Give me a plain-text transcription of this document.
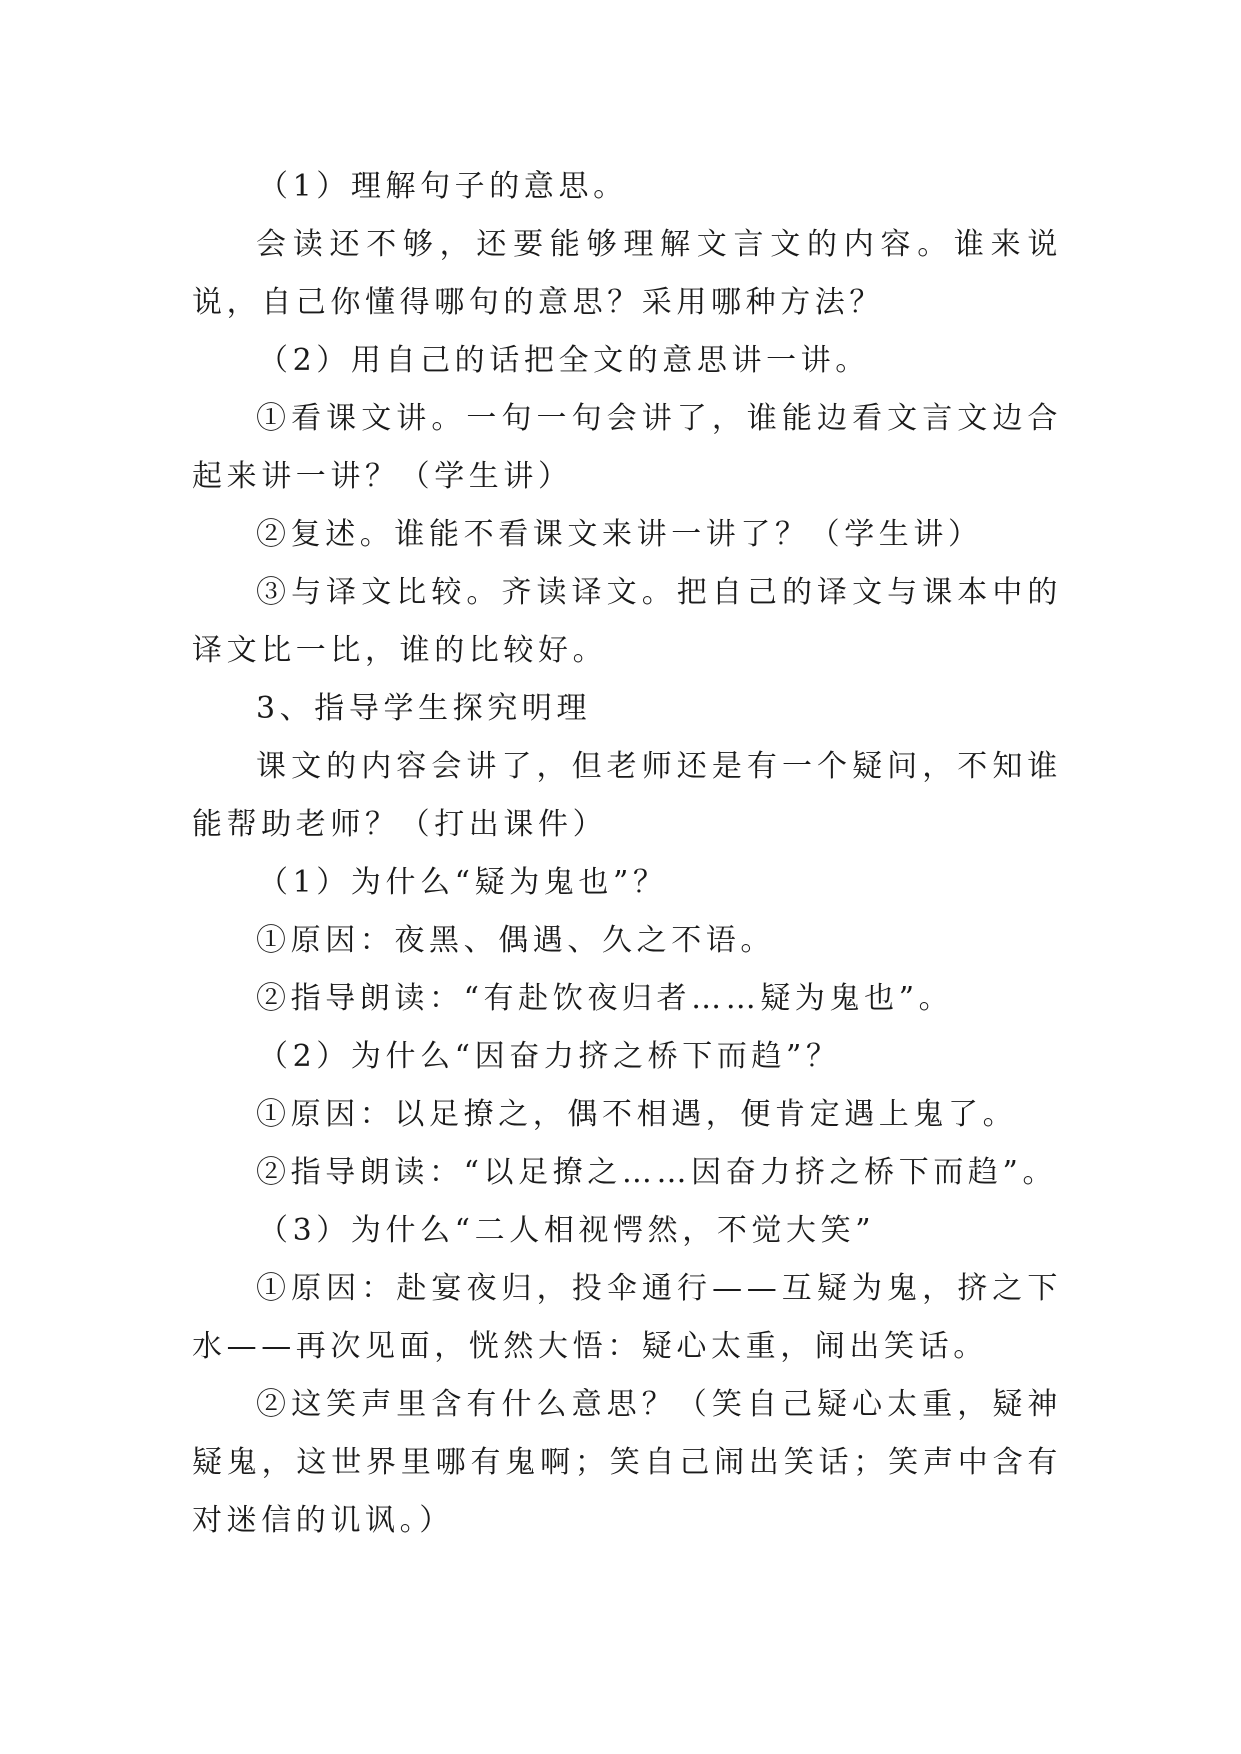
（1）理解句子的意思。

会读还不够，还要能够理解文言文的内容。谁来说说，自己你懂得哪句的意思？采用哪种方法？

（2）用自己的话把全文的意思讲一讲。

①看课文讲。一句一句会讲了，谁能边看文言文边合起来讲一讲？（学生讲）

②复述。谁能不看课文来讲一讲了？（学生讲）

③与译文比较。齐读译文。把自己的译文与课本中的译文比一比，谁的比较好。

3、指导学生探究明理

课文的内容会讲了，但老师还是有一个疑问，不知谁能帮助老师？（打出课件）

（1）为什么“疑为鬼也”？

①原因：夜黑、偶遇、久之不语。

②指导朗读：“有赴饮夜归者……疑为鬼也”。

（2）为什么“因奋力挤之桥下而趋”？

①原因：以足撩之，偶不相遇，便肯定遇上鬼了。

②指导朗读：“以足撩之……因奋力挤之桥下而趋”。

（3）为什么“二人相视愕然，不觉大笑”

①原因：赴宴夜归，投伞通行——互疑为鬼，挤之下水——再次见面，恍然大悟：疑心太重，闹出笑话。

②这笑声里含有什么意思？（笑自己疑心太重，疑神疑鬼，这世界里哪有鬼啊；笑自己闹出笑话；笑声中含有对迷信的讥讽。）
